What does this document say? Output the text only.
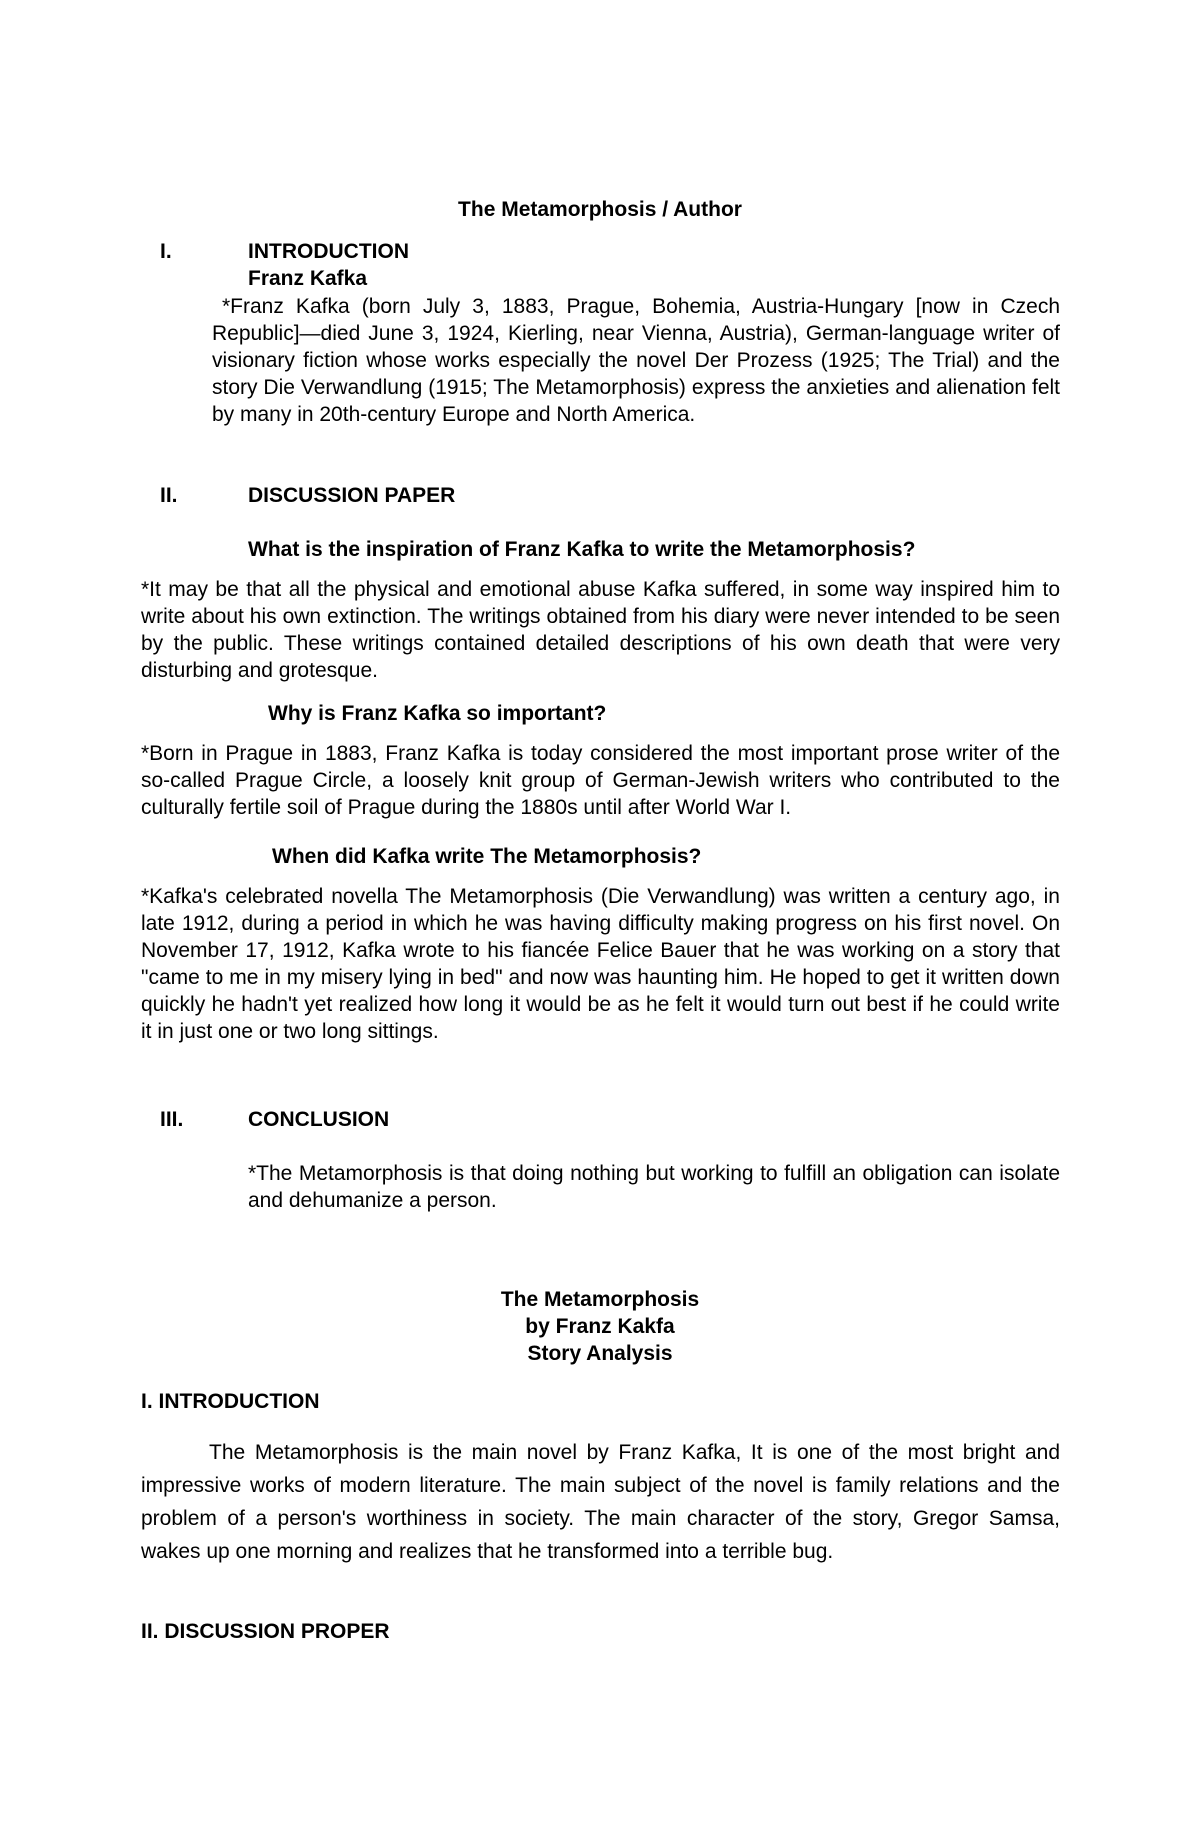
The Metamorphosis / Author
I.	INTRODUCTION
Franz Kafka

*Franz Kafka (born July 3, 1883, Prague, Bohemia, Austria-Hungary [now in Czech Republic]—died June 3, 1924, Kierling, near Vienna, Austria), German-language writer of visionary fiction whose works especially the novel Der Prozess (1925; The Trial) and the story Die Verwandlung (1915; The Metamorphosis) express the anxieties and alienation felt by many in 20th-century Europe and North America.

II.	DISCUSSION PAPER
What is the inspiration of Franz Kafka to write the Metamorphosis?

*It may be that all the physical and emotional abuse Kafka suffered, in some way inspired him to write about his own extinction. The writings obtained from his diary were never intended to be seen by the public. These writings contained detailed descriptions of his own death that were very disturbing and grotesque.

Why is Franz Kafka so important?

*Born in Prague in 1883, Franz Kafka is today considered the most important prose writer of the so-called Prague Circle, a loosely knit group of German-Jewish writers who contributed to the culturally fertile soil of Prague during the 1880s until after World War I.

When did Kafka write The Metamorphosis?

*Kafka's celebrated novella The Metamorphosis (Die Verwandlung) was written a century ago, in late 1912, during a period in which he was having difficulty making progress on his first novel. On November 17, 1912, Kafka wrote to his fiancée Felice Bauer that he was working on a story that "came to me in my misery lying in bed" and now was haunting him. He hoped to get it written down quickly he hadn't yet realized how long it would be as he felt it would turn out best if he could write it in just one or two long sittings.

III.	CONCLUSION

*The Metamorphosis is that doing nothing but working to fulfill an obligation can isolate and dehumanize a person.

The Metamorphosis
by Franz Kakfa
Story Analysis
I. INTRODUCTION

The Metamorphosis is the main novel by Franz Kafka, It is one of the most bright and impressive works of modern literature. The main subject of the novel is family relations and the problem of a person's worthiness in society. The main character of the story, Gregor Samsa, wakes up one morning and realizes that he transformed into a terrible bug.

II. DISCUSSION PROPER
